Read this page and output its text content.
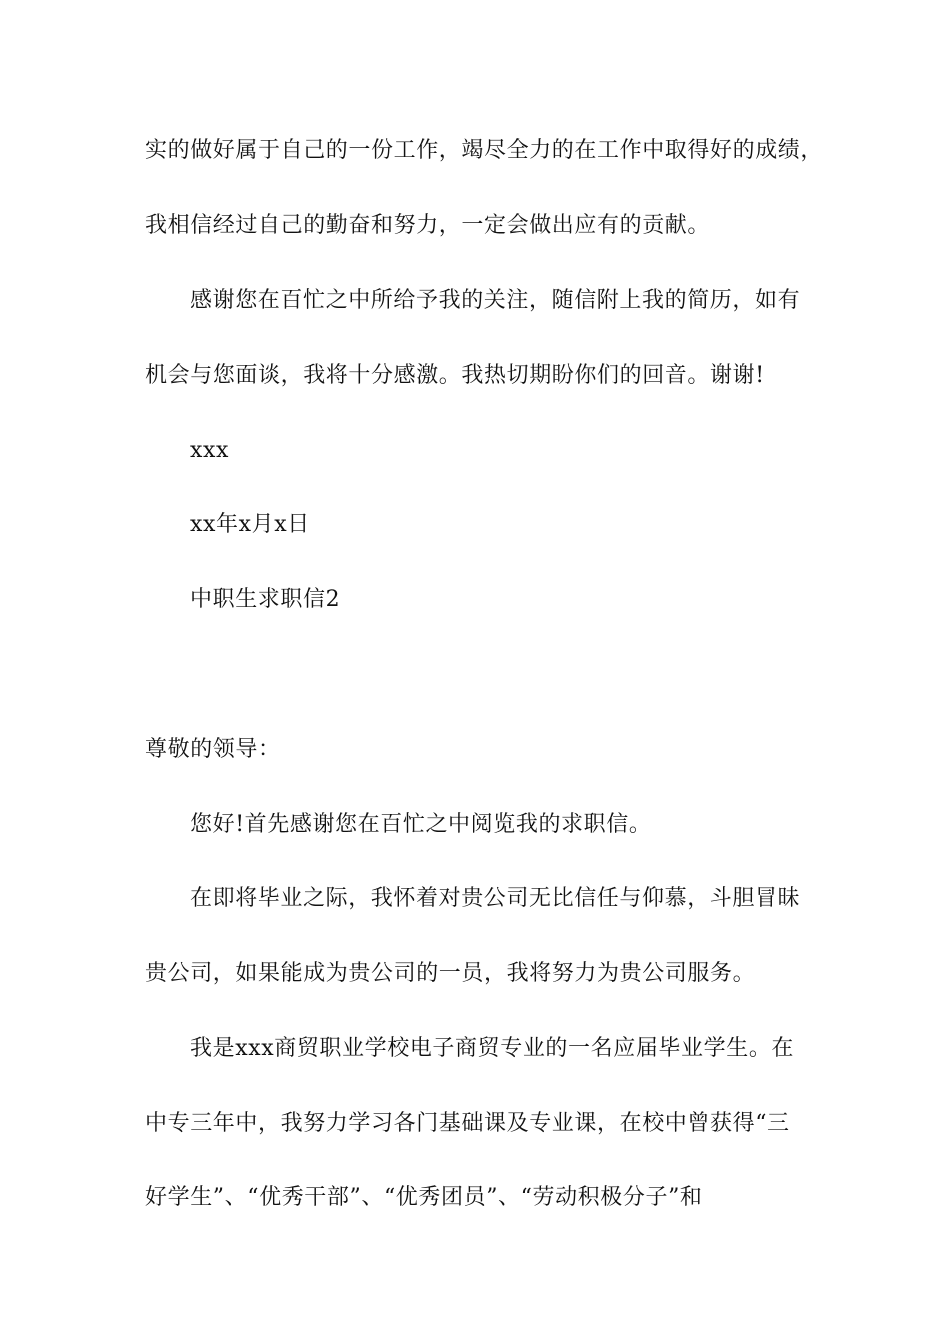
实的做好属于自己的一份工作，竭尽全力的在工作中取得好的成绩，
我相信经过自己的勤奋和努力，一定会做出应有的贡献。
感谢您在百忙之中所给予我的关注，随信附上我的简历，如有
机会与您面谈，我将十分感激。我热切期盼你们的回音。谢谢!
xxx
xx年x月x日
中职生求职信2
尊敬的领导：
您好!首先感谢您在百忙之中阅览我的求职信。
在即将毕业之际，我怀着对贵公司无比信任与仰慕，斗胆冒昧
贵公司，如果能成为贵公司的一员，我将努力为贵公司服务。
我是xxx商贸职业学校电子商贸专业的一名应届毕业学生。在
中专三年中，我努力学习各门基础课及专业课，在校中曾获得“三
好学生”、“优秀干部”、“优秀团员”、“劳动积极分子”和
